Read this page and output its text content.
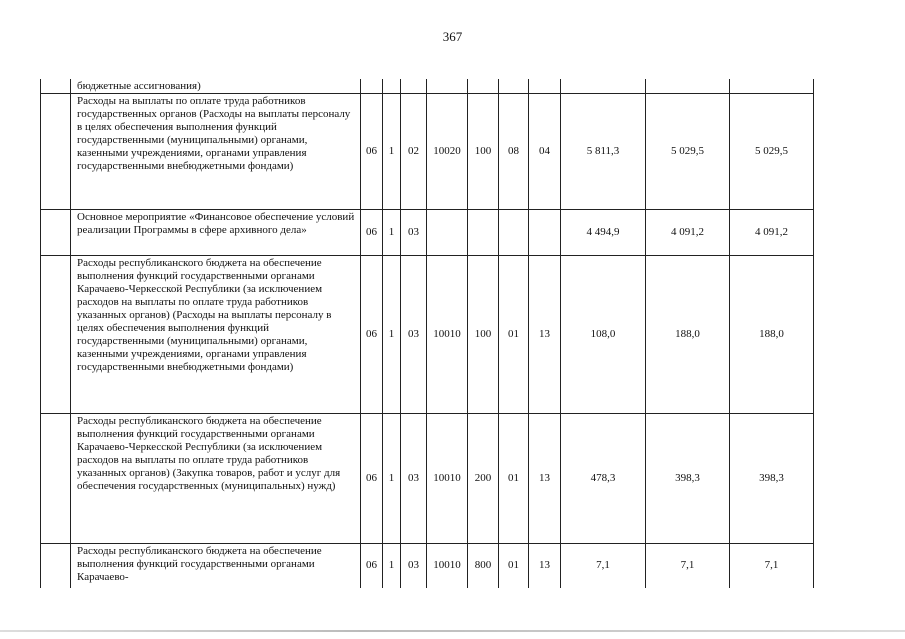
367
	бюджетные ассигнования)										
	Расходы на выплаты по оплате труда работников государственных органов (Расходы на выплаты персоналу в целях обеспечения выполнения функций государственными (муниципальными) органами, казенными учреждениями, органами управления государственными внебюджетными фондами)	06	1	02	10020	100	08	04	5 811,3	5 029,5	5 029,5
	Основное мероприятие «Финансовое обеспечение условий реализации Программы в сфере архивного дела»	06	1	03					4 494,9	4 091,2	4 091,2
	Расходы республиканского бюджета на обеспечение выполнения функций государственными органами Карачаево-Черкесской Республики (за исключением расходов на выплаты по оплате труда работников указанных органов) (Расходы на выплаты персоналу в целях обеспечения выполнения функций государственными (муниципальными) органами, казенными учреждениями, органами управления государственными внебюджетными фондами)	06	1	03	10010	100	01	13	108,0	188,0	188,0
	Расходы республиканского бюджета на обеспечение выполнения функций государственными органами Карачаево-Черкесской Республики (за исключением расходов на выплаты по оплате труда работников указанных органов) (Закупка товаров, работ и услуг для обеспечения государственных (муниципальных) нужд)	06	1	03	10010	200	01	13	478,3	398,3	398,3
	Расходы республиканского бюджета на обеспечение выполнения функций государственными органами Карачаево-	06	1	03	10010	800	01	13	7,1	7,1	7,1
